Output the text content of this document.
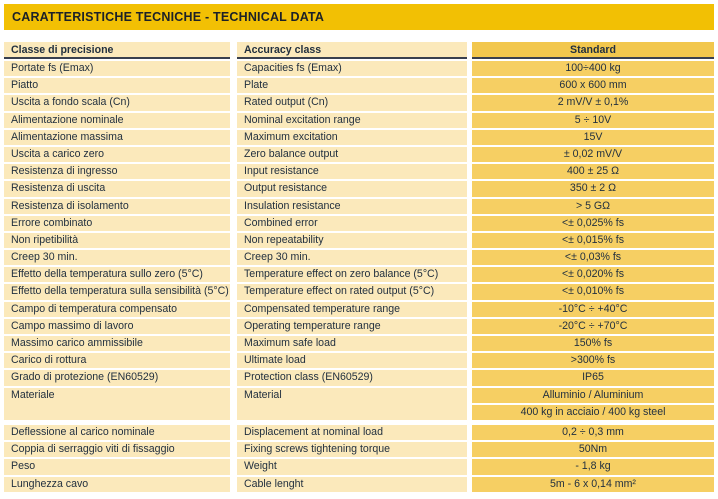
CARATTERISTICHE TECNICHE - TECHNICAL DATA
Classe di precisione	Accuracy class	Standard
Portate fs (Emax)	Capacities fs (Emax)	100÷400 kg
Piatto	Plate	600 x 600 mm
Uscita a fondo scala (Cn)	Rated output (Cn)	2 mV/V ± 0,1%
Alimentazione nominale	Nominal excitation range	5 ÷ 10V
Alimentazione massima	Maximum excitation	15V
Uscita a carico zero	Zero balance output	± 0,02 mV/V
Resistenza di ingresso	Input resistance	400 ± 25 Ω
Resistenza di uscita	Output resistance	350 ± 2 Ω
Resistenza di isolamento	Insulation resistance	> 5 GΩ
Errore combinato	Combined error	<± 0,025% fs
Non ripetibilità	Non repeatability	<± 0,015% fs
Creep 30 min.	Creep 30 min.	<± 0,03% fs
Effetto della temperatura sullo zero (5°C)	Temperature effect on zero balance (5°C)	<± 0,020% fs
Effetto della temperatura sulla sensibilità (5°C)	Temperature effect on rated output (5°C)	<± 0,010% fs
Campo di temperatura compensato	Compensated temperature range	-10°C ÷ +40°C
Campo massimo di lavoro	Operating temperature range	-20°C ÷ +70°C
Massimo carico ammissibile	Maximum safe load	150% fs
Carico di rottura	Ultimate load	>300% fs
Grado di protezione (EN60529)	Protection class (EN60529)	IP65
Materiale	Material	Alluminio / Aluminium
400 kg in acciaio / 400 kg steel
Deflessione al carico nominale	Displacement at nominal load	0,2 ÷ 0,3 mm
Coppia di serraggio viti di fissaggio	Fixing screws tightening torque	50Nm
Peso	Weight	- 1,8 kg
Lunghezza cavo	Cable lenght	5m - 6 x 0,14 mm²
